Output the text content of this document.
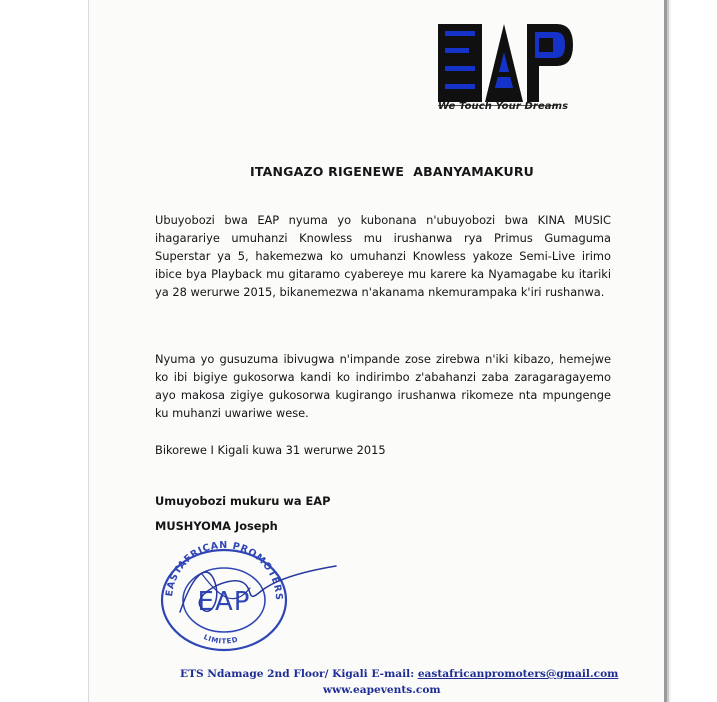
We Touch Your Dreams
ITANGAZO RIGENEWE  ABANYAMAKURU
Ubuyobozi bwa EAP nyuma yo kubonana n'ubuyobozi bwa KINA MUSIC ihagarariye umuhanzi Knowless mu irushanwa rya Primus Gumaguma Superstar ya 5, hakemezwa ko umuhanzi Knowless yakoze Semi-Live irimo ibice bya Playback mu gitaramo cyabereye mu karere ka Nyamagabe ku itariki ya 28 werurwe 2015, bikanemezwa n'akanama nkemurampaka k'iri rushanwa.
Nyuma yo gusuzuma ibivugwa n'impande zose zirebwa n'iki kibazo, hemejwe ko ibi bigiye gukosorwa kandi ko indirimbo z'abahanzi zaba zaragaragayemo ayo makosa zigiye gukosorwa kugirango irushanwa rikomeze nta mpungenge ku muhanzi uwariwe wese.
Bikorewe I Kigali kuwa 31 werurwe 2015
Umuyobozi mukuru wa EAP
MUSHYOMA Joseph
EASTAFRICAN PROMOTERS
EAP
LIMITED
ETS Ndamage 2nd Floor/ Kigali E-mail: eastafricanpromoters@gmail.com
www.eapevents.com
